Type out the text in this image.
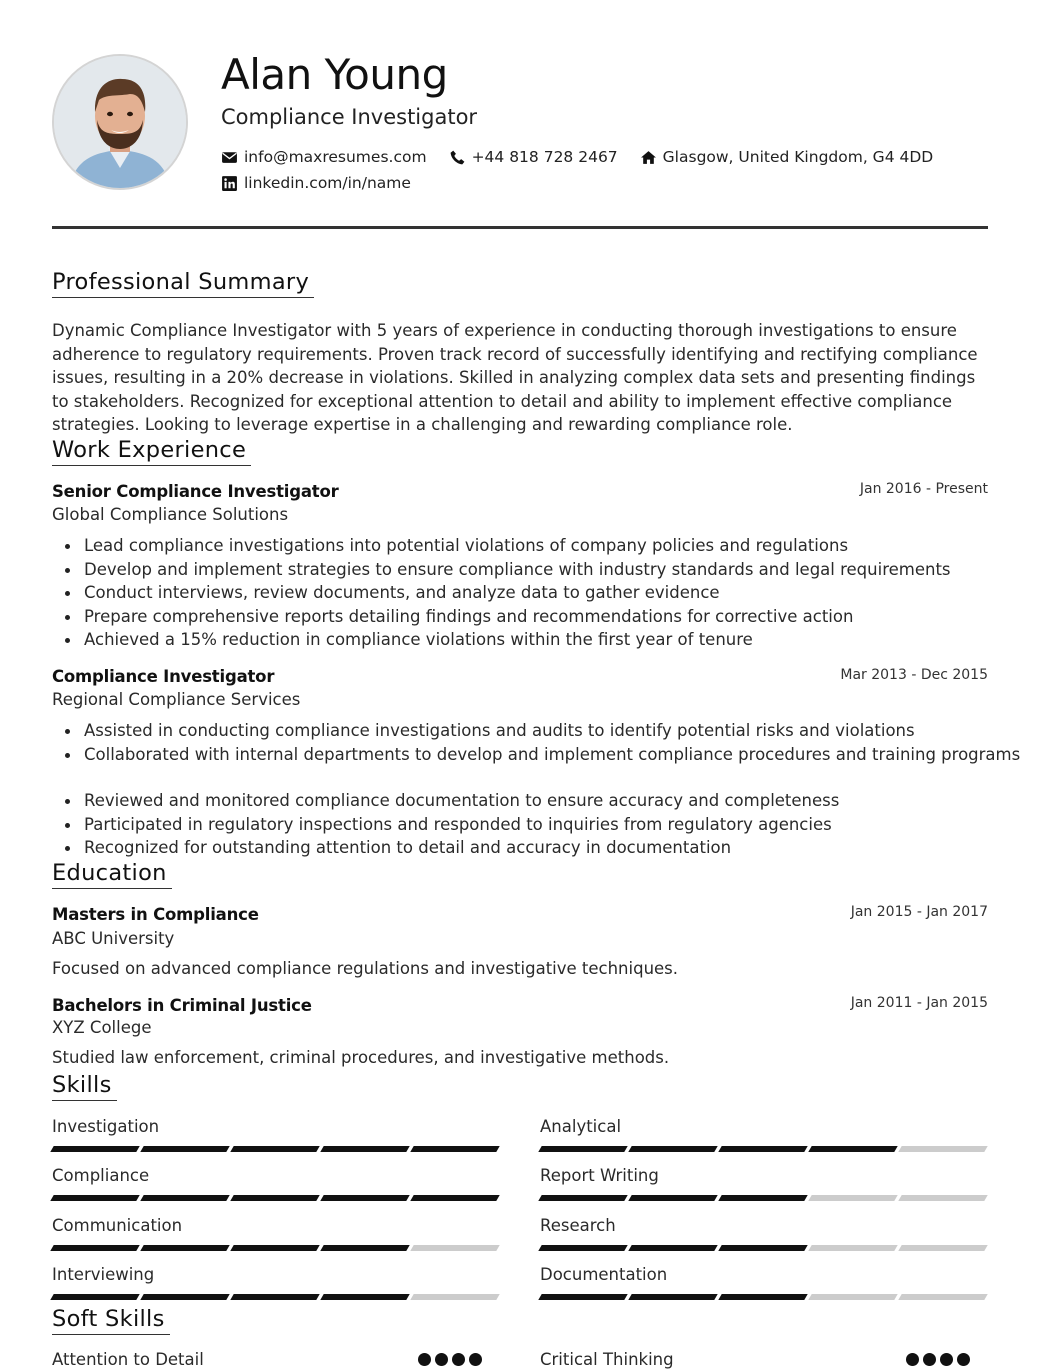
Alan Young
Compliance Investigator
info@maxresumes.com	+44 818 728 2467	Glasgow, United Kingdom, G4 4DD
linkedin.com/in/name
Professional Summary

Dynamic Compliance Investigator with 5 years of experience in conducting thorough investigations to ensure adherence to regulatory requirements. Proven track record of successfully identifying and rectifying compliance issues, resulting in a 20% decrease in violations. Skilled in analyzing complex data sets and presenting findings to stakeholders. Recognized for exceptional attention to detail and ability to implement effective compliance strategies. Looking to leverage expertise in a challenging and rewarding compliance role.

Work Experience
Senior Compliance Investigator	Jan 2016 - Present
Global Compliance Solutions
Lead compliance investigations into potential violations of company policies and regulations
Develop and implement strategies to ensure compliance with industry standards and legal requirements
Conduct interviews, review documents, and analyze data to gather evidence
Prepare comprehensive reports detailing findings and recommendations for corrective action
Achieved a 15% reduction in compliance violations within the first year of tenure
Compliance Investigator	Mar 2013 - Dec 2015
Regional Compliance Services
Assisted in conducting compliance investigations and audits to identify potential risks and violations
Collaborated with internal departments to develop and implement compliance procedures and training programs
Reviewed and monitored compliance documentation to ensure accuracy and completeness
Participated in regulatory inspections and responded to inquiries from regulatory agencies
Recognized for outstanding attention to detail and accuracy in documentation
Education
Masters in Compliance	Jan 2015 - Jan 2017
ABC University
Focused on advanced compliance regulations and investigative techniques.
Bachelors in Criminal Justice	Jan 2011 - Jan 2015
XYZ College
Studied law enforcement, criminal procedures, and investigative methods.
Skills
Investigation	Analytical
Compliance	Report Writing
Communication	Research
Interviewing	Documentation
Soft Skills
Attention to Detail	Critical Thinking
